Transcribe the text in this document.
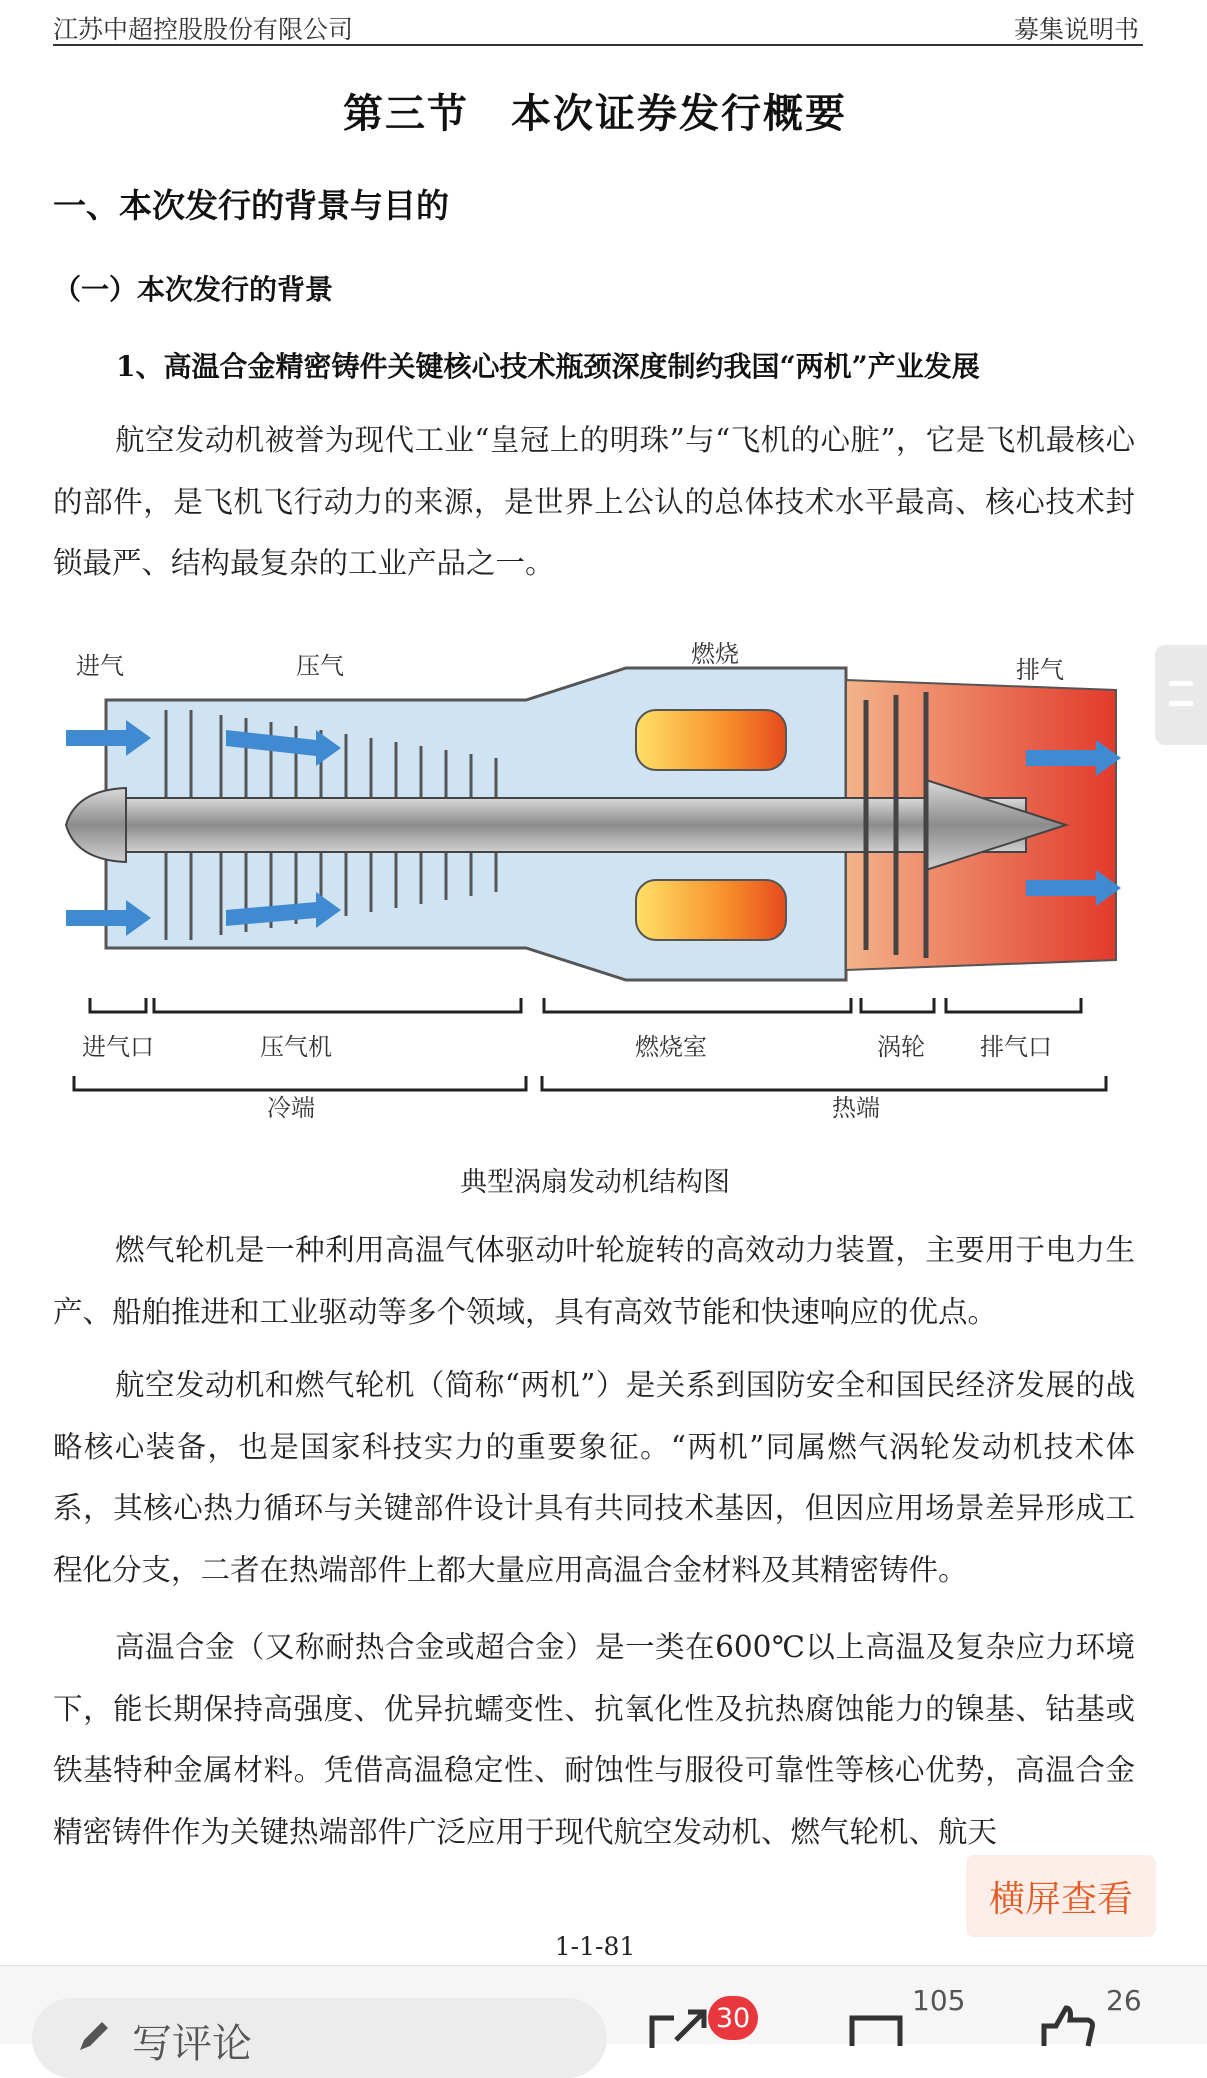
江苏中超控股股份有限公司	募集说明书
第三节　本次证券发行概要
一、本次发行的背景与目的
（一）本次发行的背景
1、高温合金精密铸件关键核心技术瓶颈深度制约我国“两机”产业发展

航空发动机被誉为现代工业“皇冠上的明珠”与“飞机的心脏”，它是飞机最核心的部件，是飞机飞行动力的来源，是世界上公认的总体技术水平最高、核心技术封锁最严、结构最复杂的工业产品之一。

进气	压气	燃烧
排气
进气口	压气机	燃烧室	涡轮 排气口
冷端	热端
典型涡扇发动机结构图

燃气轮机是一种利用高温气体驱动叶轮旋转的高效动力装置，主要用于电力生产、船舶推进和工业驱动等多个领域，具有高效节能和快速响应的优点。

航空发动机和燃气轮机（简称“两机”）是关系到国防安全和国民经济发展的战略核心装备，也是国家科技实力的重要象征。“两机”同属燃气涡轮发动机技术体系，其核心热力循环与关键部件设计具有共同技术基因，但因应用场景差异形成工程化分支，二者在热端部件上都大量应用高温合金材料及其精密铸件。

高温合金（又称耐热合金或超合金）是一类在600℃以上高温及复杂应力环境下，能长期保持高强度、优异抗蠕变性、抗氧化性及抗热腐蚀能力的镍基、钴基或铁基特种金属材料。凭借高温稳定性、耐蚀性与服役可靠性等核心优势，高温合金精密铸件作为关键热端部件广泛应用于现代航空发动机、燃气轮机、航天

横屏查看
1-1-81
写评论
30
105	26
